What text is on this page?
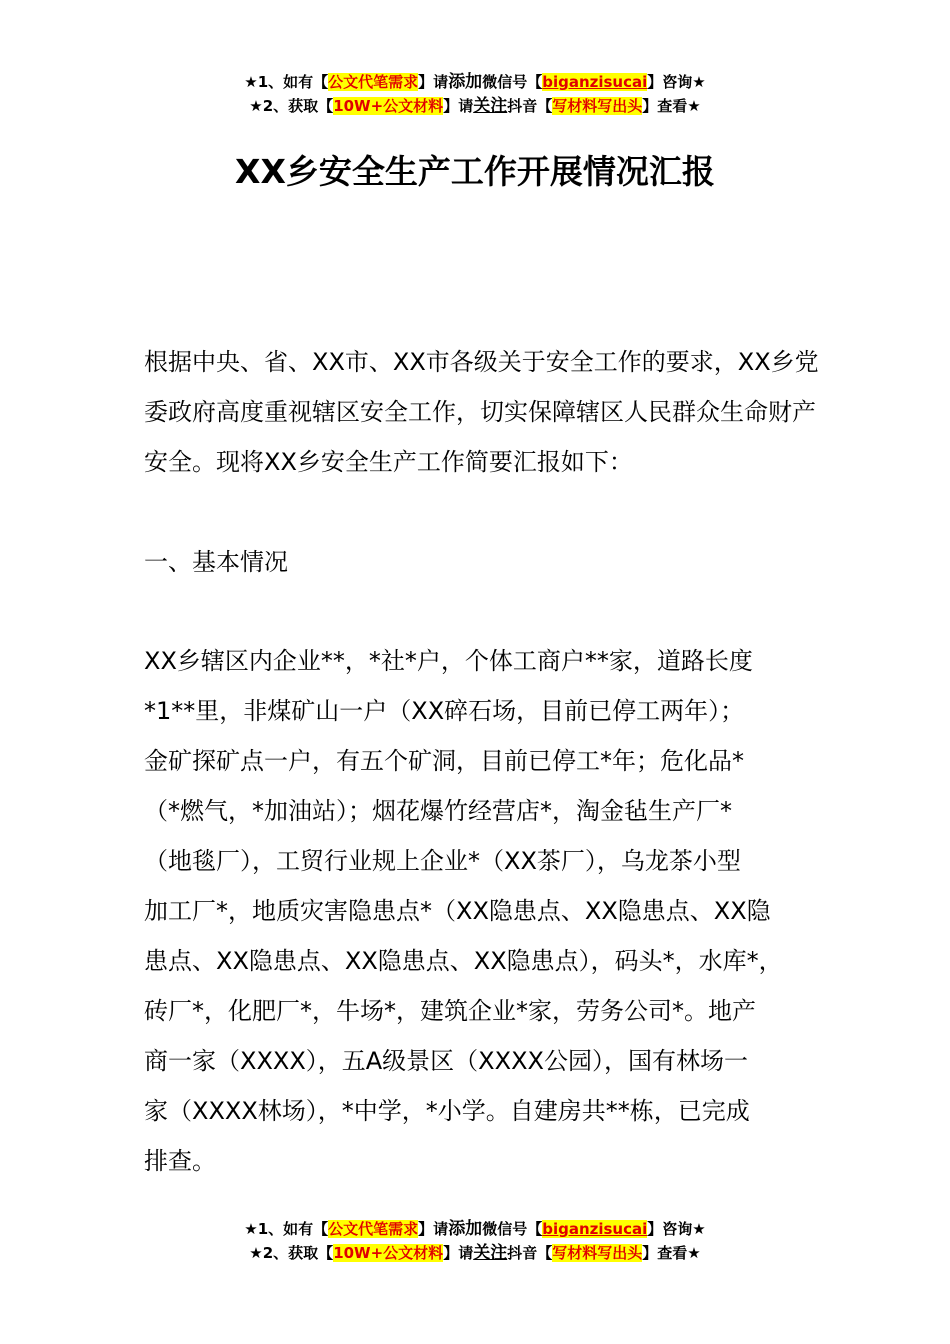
★1、如有【公文代笔需求】请添加微信号【biganzisucai】咨询★
★2、获取【10W+公文材料】请关注抖音【写材料写出头】查看★
XX乡安全生产工作开展情况汇报

根据中央、省、XX市、XX市各级关于安全工作的要求，XX乡党委政府高度重视辖区安全工作，切实保障辖区人民群众生命财产安全。现将XX乡安全生产工作简要汇报如下：

一、基本情况

XX乡辖区内企业**，*社*户，个体工商户**家，道路长度

*1**里，非煤矿山一户（XX碎石场，目前已停工两年）；

金矿探矿点一户，有五个矿洞，目前已停工*年；危化品*

（*燃气，*加油站）；烟花爆竹经营店*，淘金毡生产厂*

（地毯厂），工贸行业规上企业*（XX茶厂），乌龙茶小型

加工厂*，地质灾害隐患点*（XX隐患点、XX隐患点、XX隐

患点、XX隐患点、XX隐患点、XX隐患点），码头*，水库*，

砖厂*，化肥厂*，牛场*，建筑企业*家，劳务公司*。地产

商一家（XXXX），五A级景区（XXXX公园），国有林场一

家（XXXX林场），*中学，*小学。自建房共**栋，已完成

排查。

★1、如有【公文代笔需求】请添加微信号【biganzisucai】咨询★
★2、获取【10W+公文材料】请关注抖音【写材料写出头】查看★
